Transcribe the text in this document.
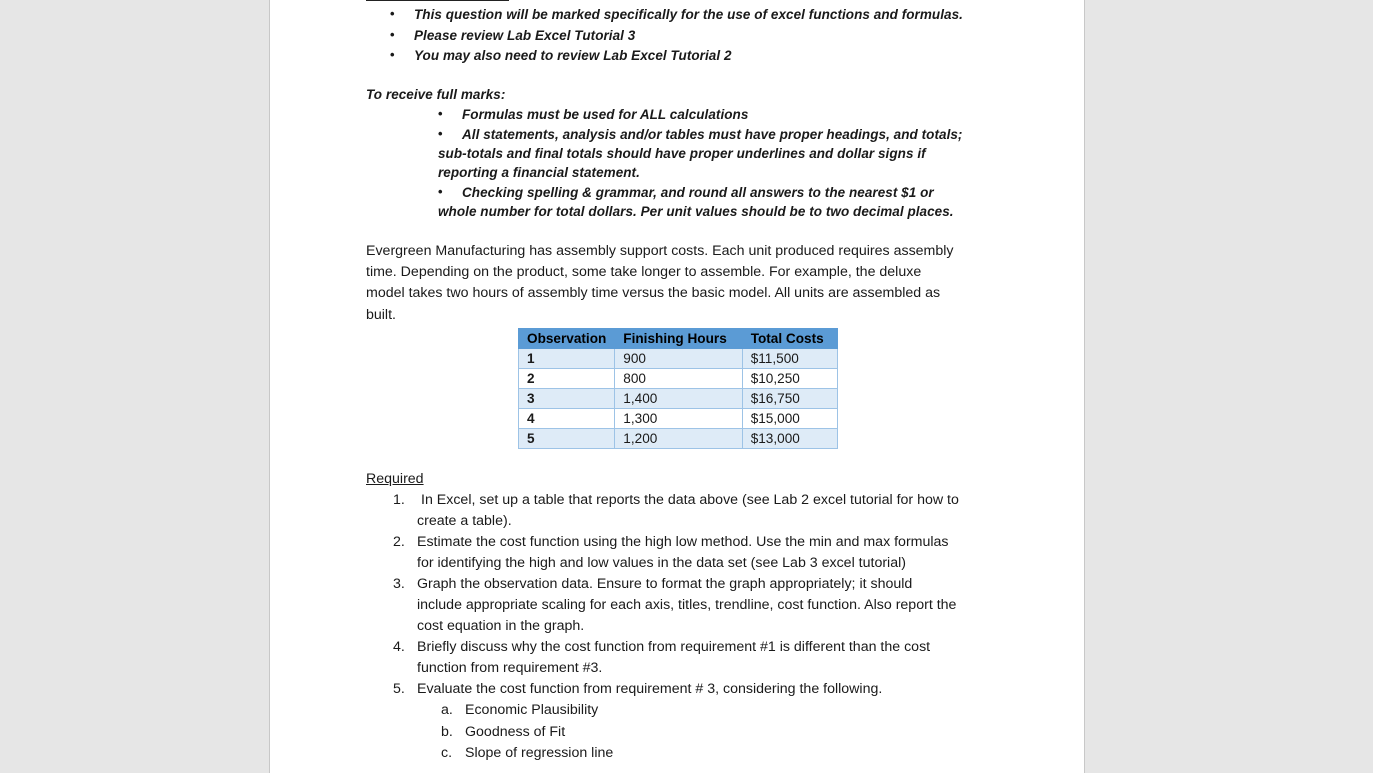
• This question will be marked specifically for the use of excel functions and formulas.
• Please review Lab Excel Tutorial 3
• You may also need to review Lab Excel Tutorial 2
To receive full marks:
• Formulas must be used for ALL calculations
• All statements, analysis and/or tables must have proper headings, and totals;
sub-totals and final totals should have proper underlines and dollar signs if
reporting a financial statement.
• Checking spelling & grammar, and round all answers to the nearest $1 or
whole number for total dollars. Per unit values should be to two decimal places.
Evergreen Manufacturing has assembly support costs. Each unit produced requires assembly
time. Depending on the product, some take longer to assemble. For example, the deluxe
model takes two hours of assembly time versus the basic model. All units are assembled as
built.
Observation	Finishing Hours	Total Costs
1	900	$11,500
2	800	$10,250
3	1,400	$16,750
4	1,300	$15,000
5	1,200	$13,000
Required
1. In Excel, set up a table that reports the data above (see Lab 2 excel tutorial for how to
create a table).
2. Estimate the cost function using the high low method. Use the min and max formulas
for identifying the high and low values in the data set (see Lab 3 excel tutorial)
3. Graph the observation data. Ensure to format the graph appropriately; it should
include appropriate scaling for each axis, titles, trendline, cost function. Also report the
cost equation in the graph.
4. Briefly discuss why the cost function from requirement #1 is different than the cost
function from requirement #3.
5. Evaluate the cost function from requirement # 3, considering the following.
a. Economic Plausibility
b. Goodness of Fit
c. Slope of regression line
